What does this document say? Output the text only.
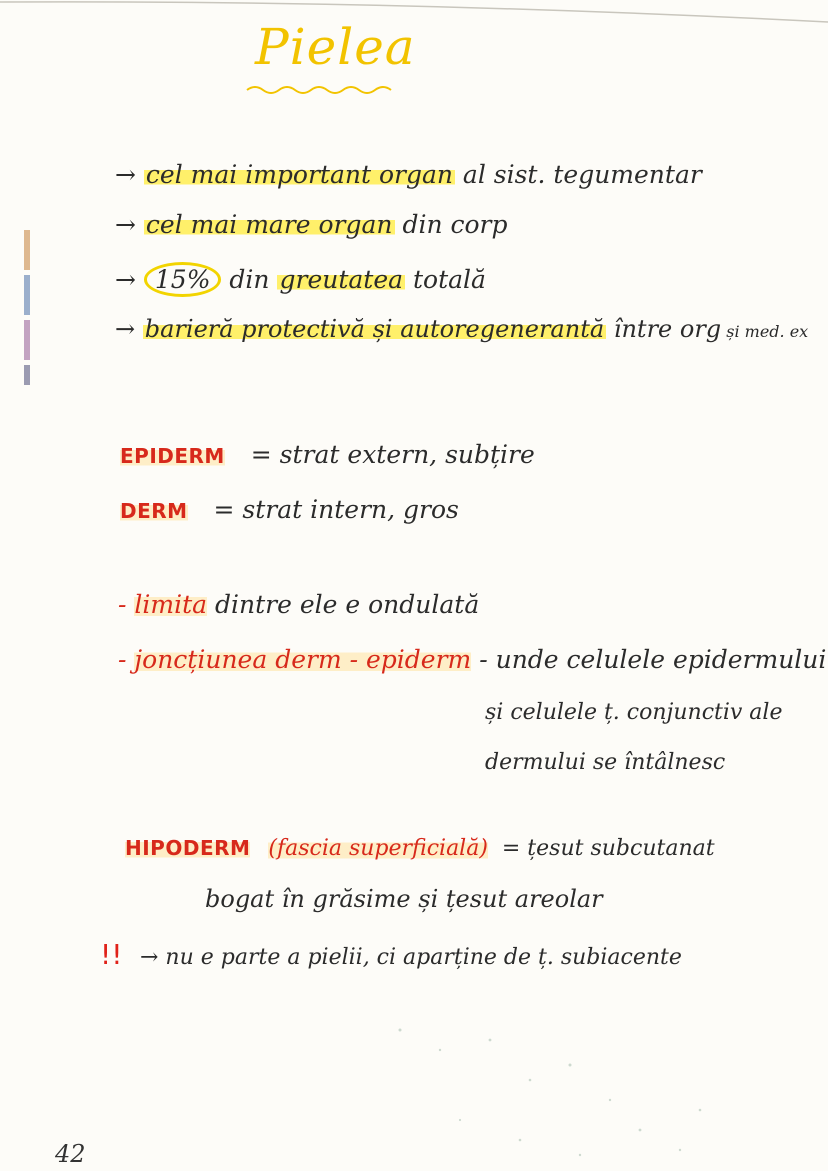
Pielea
→ cel mai important organ al sist. tegumentar
→ cel mai mare organ din corp
→ 15% din greutatea totală
→ barieră protectivă și autoregenerantă între org și med. ex
EPIDERM = strat extern, subțire
DERM = strat intern, gros
- limita dintre ele e ondulată
- joncțiunea derm - epiderm - unde celulele epidermului
și celulele ț. conjunctiv ale
dermului se întâlnesc
HIPODERM (fascia superficială) = țesut subcutanat
bogat în grăsime și țesut areolar
!! → nu e parte a pielii, ci aparține de ț. subiacente
42
